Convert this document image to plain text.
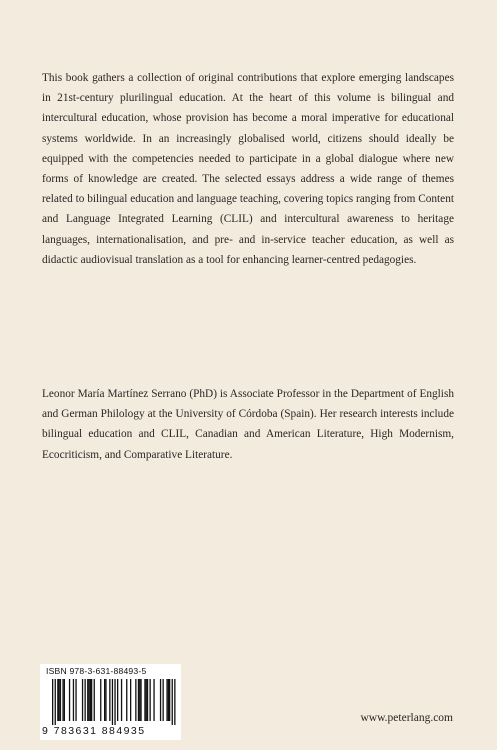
This book gathers a collection of original contributions that explore emerging landscapes in 21st-century plurilingual education. At the heart of this volume is bilingual and intercultural education, whose provision has become a moral imperative for educational systems worldwide. In an increasingly globalised world, citizens should ideally be equipped with the competencies needed to participate in a global dialogue where new forms of knowledge are created. The selected essays address a wide range of themes related to bilingual education and language teaching, covering topics ranging from Content and Language Integrated Learning (CLIL) and intercultural awareness to heritage languages, internationalisation, and pre- and in-service teacher education, as well as didactic audiovisual translation as a tool for enhancing learner-centred pedagogies.

Leonor María Martínez Serrano (PhD) is Associate Professor in the Department of English and German Philology at the University of Córdoba (Spain). Her research interests include bilingual education and CLIL, Canadian and American Literature, High Modernism, Ecocriticism, and Comparative Literature.

ISBN 978-3-631-88493-5
9 783631 884935
www.peterlang.com
